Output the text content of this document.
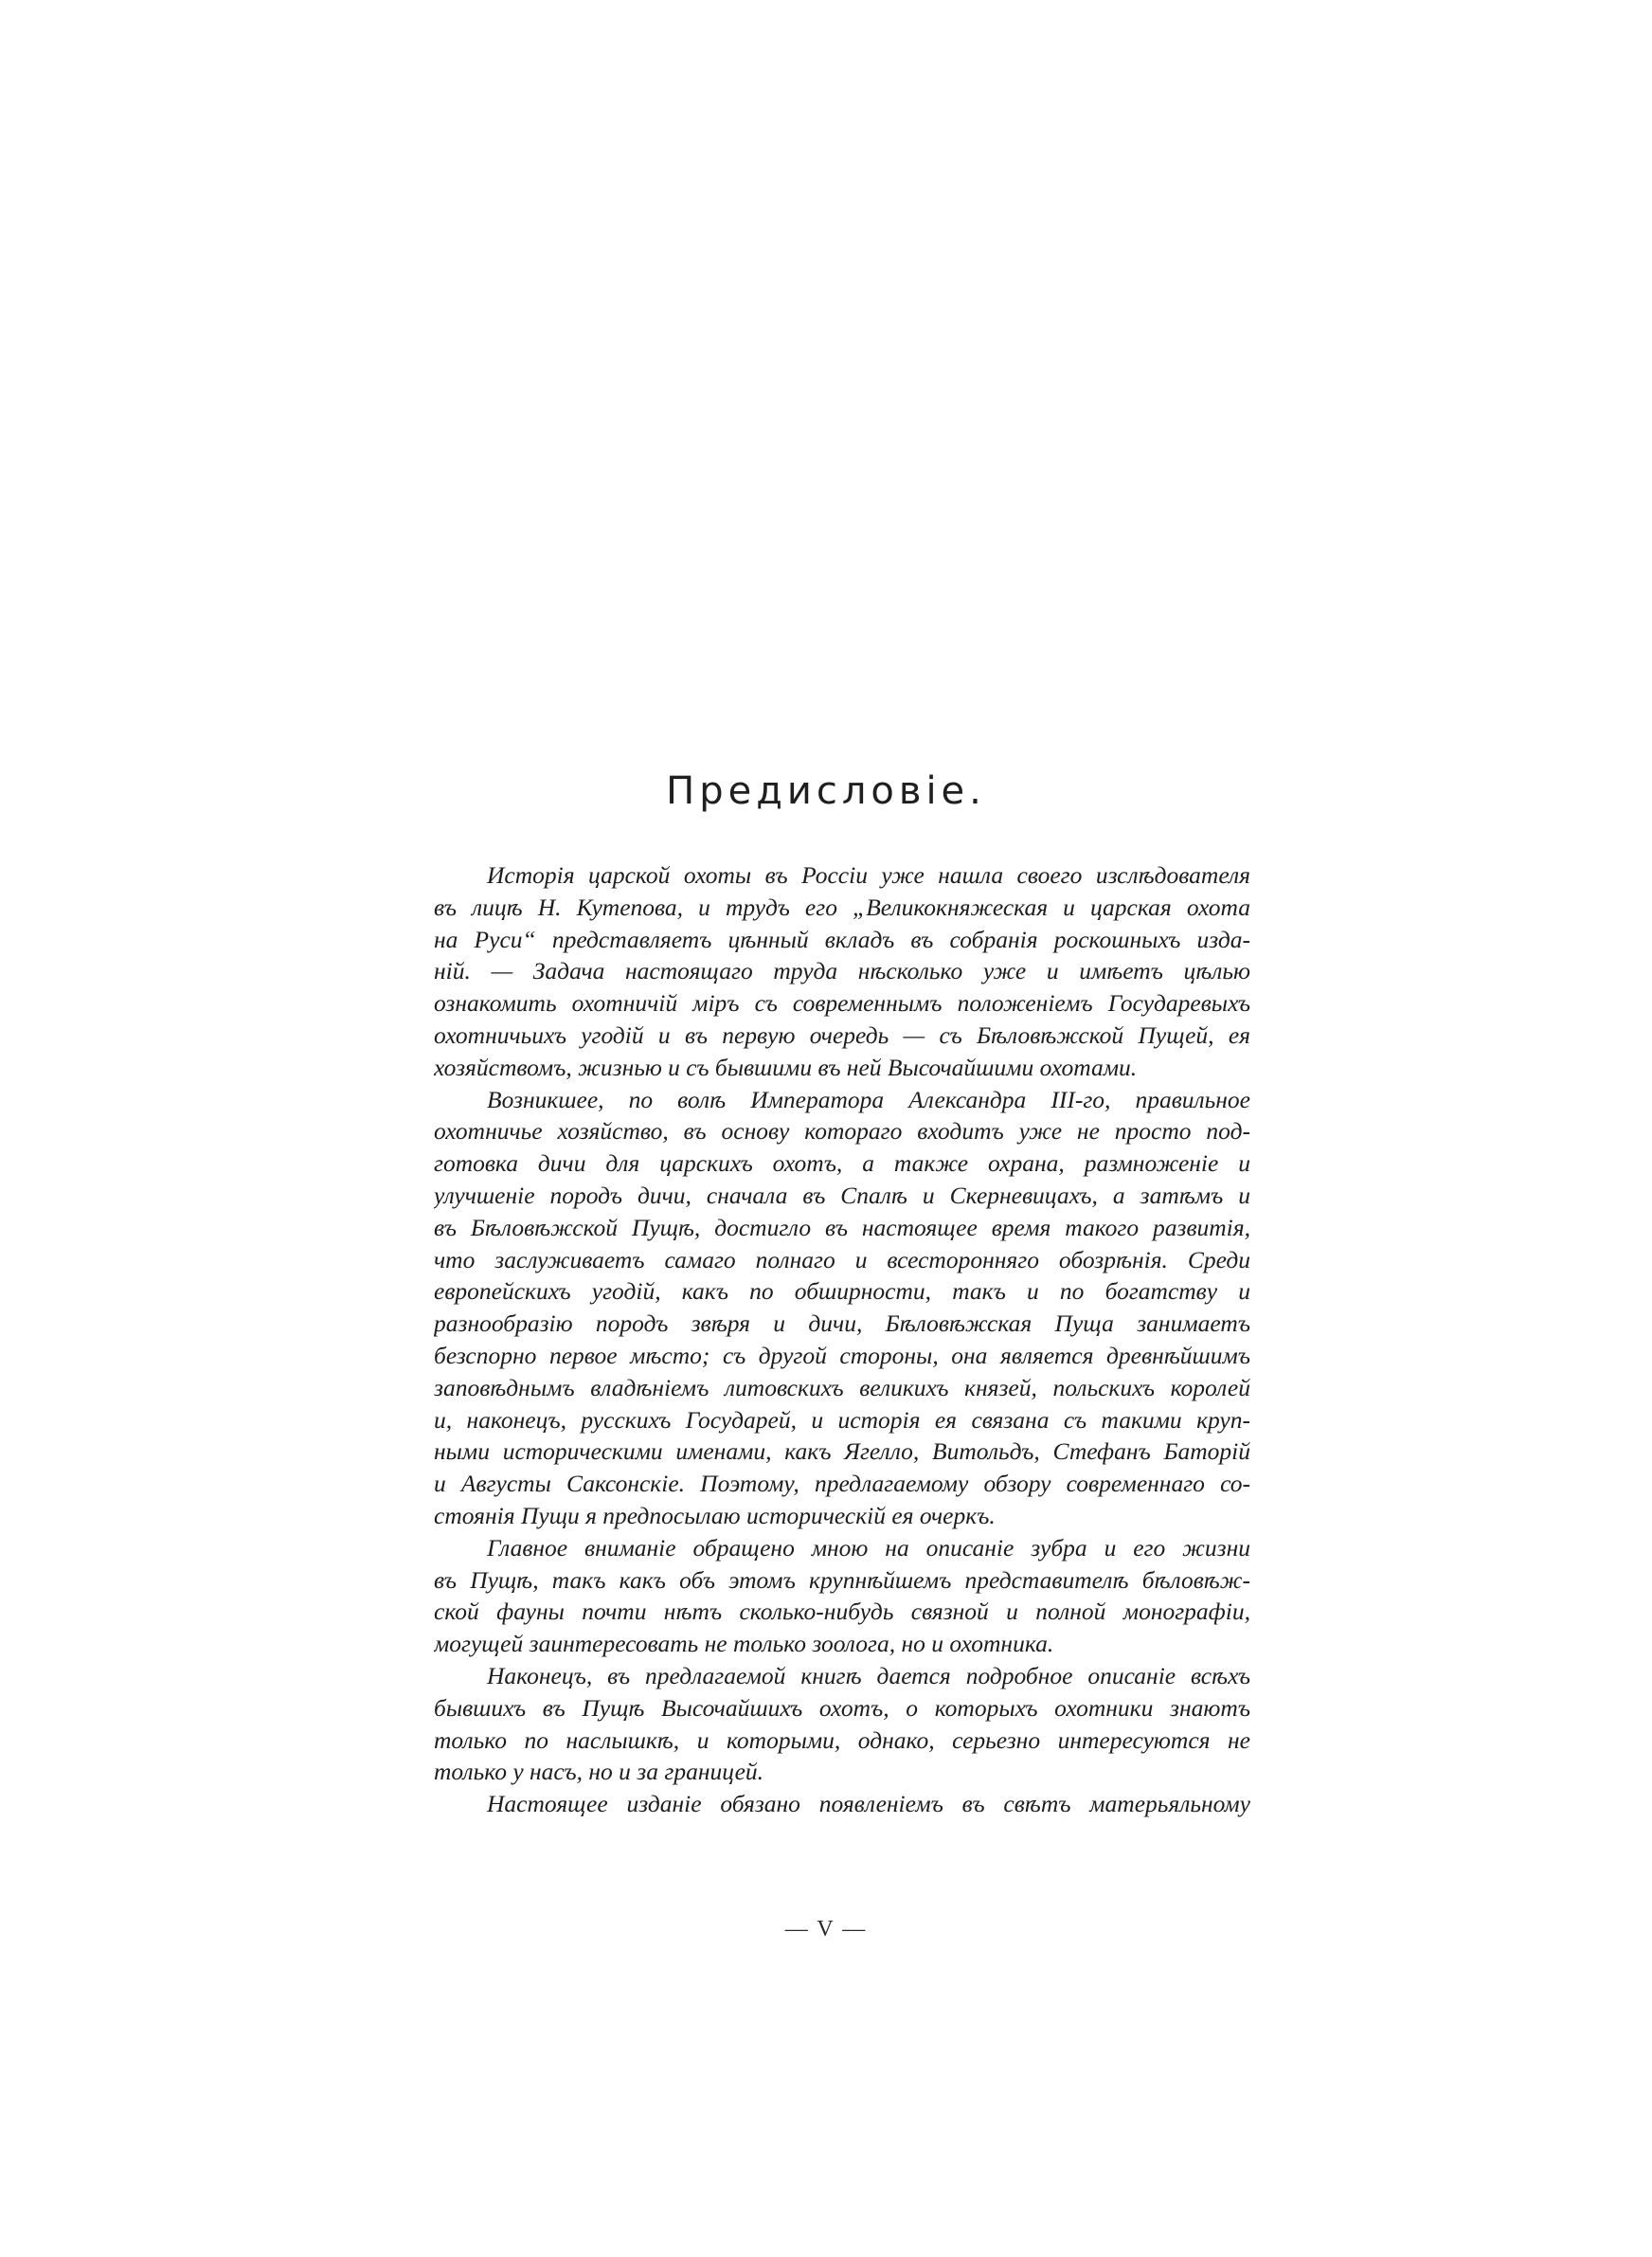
Предисловіе.
Исторія царской охоты въ Россіи уже нашла своего изслѣдователя
въ лицѣ Н. Кутепова, и трудъ его „Великокняжеская и царская охота
на Руси“ представляетъ цѣнный вкладъ въ собранія роскошныхъ изда-
ній. — Задача настоящаго труда нѣсколько уже и имѣетъ цѣлью
ознакомить охотничій міръ съ современнымъ положеніемъ Государевыхъ
охотничьихъ угодій и въ первую очередь — съ Бѣловѣжской Пущей, ея
хозяйствомъ, жизнью и съ бывшими въ ней Высочайшими охотами.
Возникшее, по волѣ Императора Александра III-го, правильное
охотничье хозяйство, въ основу котораго входитъ уже не просто под-
готовка дичи для царскихъ охотъ, а также охрана, размноженіе и
улучшеніе породъ дичи, сначала въ Спалѣ и Скерневицахъ, а затѣмъ и
въ Бѣловѣжской Пущѣ, достигло въ настоящее время такого развитія,
что заслуживаетъ самаго полнаго и всесторонняго обозрѣнія. Среди
европейскихъ угодій, какъ по обширности, такъ и по богатству и
разнообразію породъ звѣря и дичи, Бѣловѣжская Пуща занимаетъ
безспорно первое мѣсто; съ другой стороны, она является древнѣйшимъ
заповѣднымъ владѣніемъ литовскихъ великихъ князей, польскихъ королей
и, наконецъ, русскихъ Государей, и исторія ея связана съ такими круп-
ными историческими именами, какъ Ягелло, Витольдъ, Стефанъ Баторій
и Августы Саксонскіе. Поэтому, предлагаемому обзору современнаго со-
стоянія Пущи я предпосылаю историческій ея очеркъ.
Главное вниманіе обращено мною на описаніе зубра и его жизни
въ Пущѣ, такъ какъ объ этомъ крупнѣйшемъ представителѣ бѣловѣж-
ской фауны почти нѣтъ сколько-нибудь связной и полной монографіи,
могущей заинтересовать не только зоолога, но и охотника.
Наконецъ, въ предлагаемой книгѣ дается подробное описаніе всѣхъ
бывшихъ въ Пущѣ Высочайшихъ охотъ, о которыхъ охотники знаютъ
только по наслышкѣ, и которыми, однако, серьезно интересуются не
только у насъ, но и за границей.
Настоящее изданіе обязано появленіемъ въ свѣтъ матерьяльному
— V —
